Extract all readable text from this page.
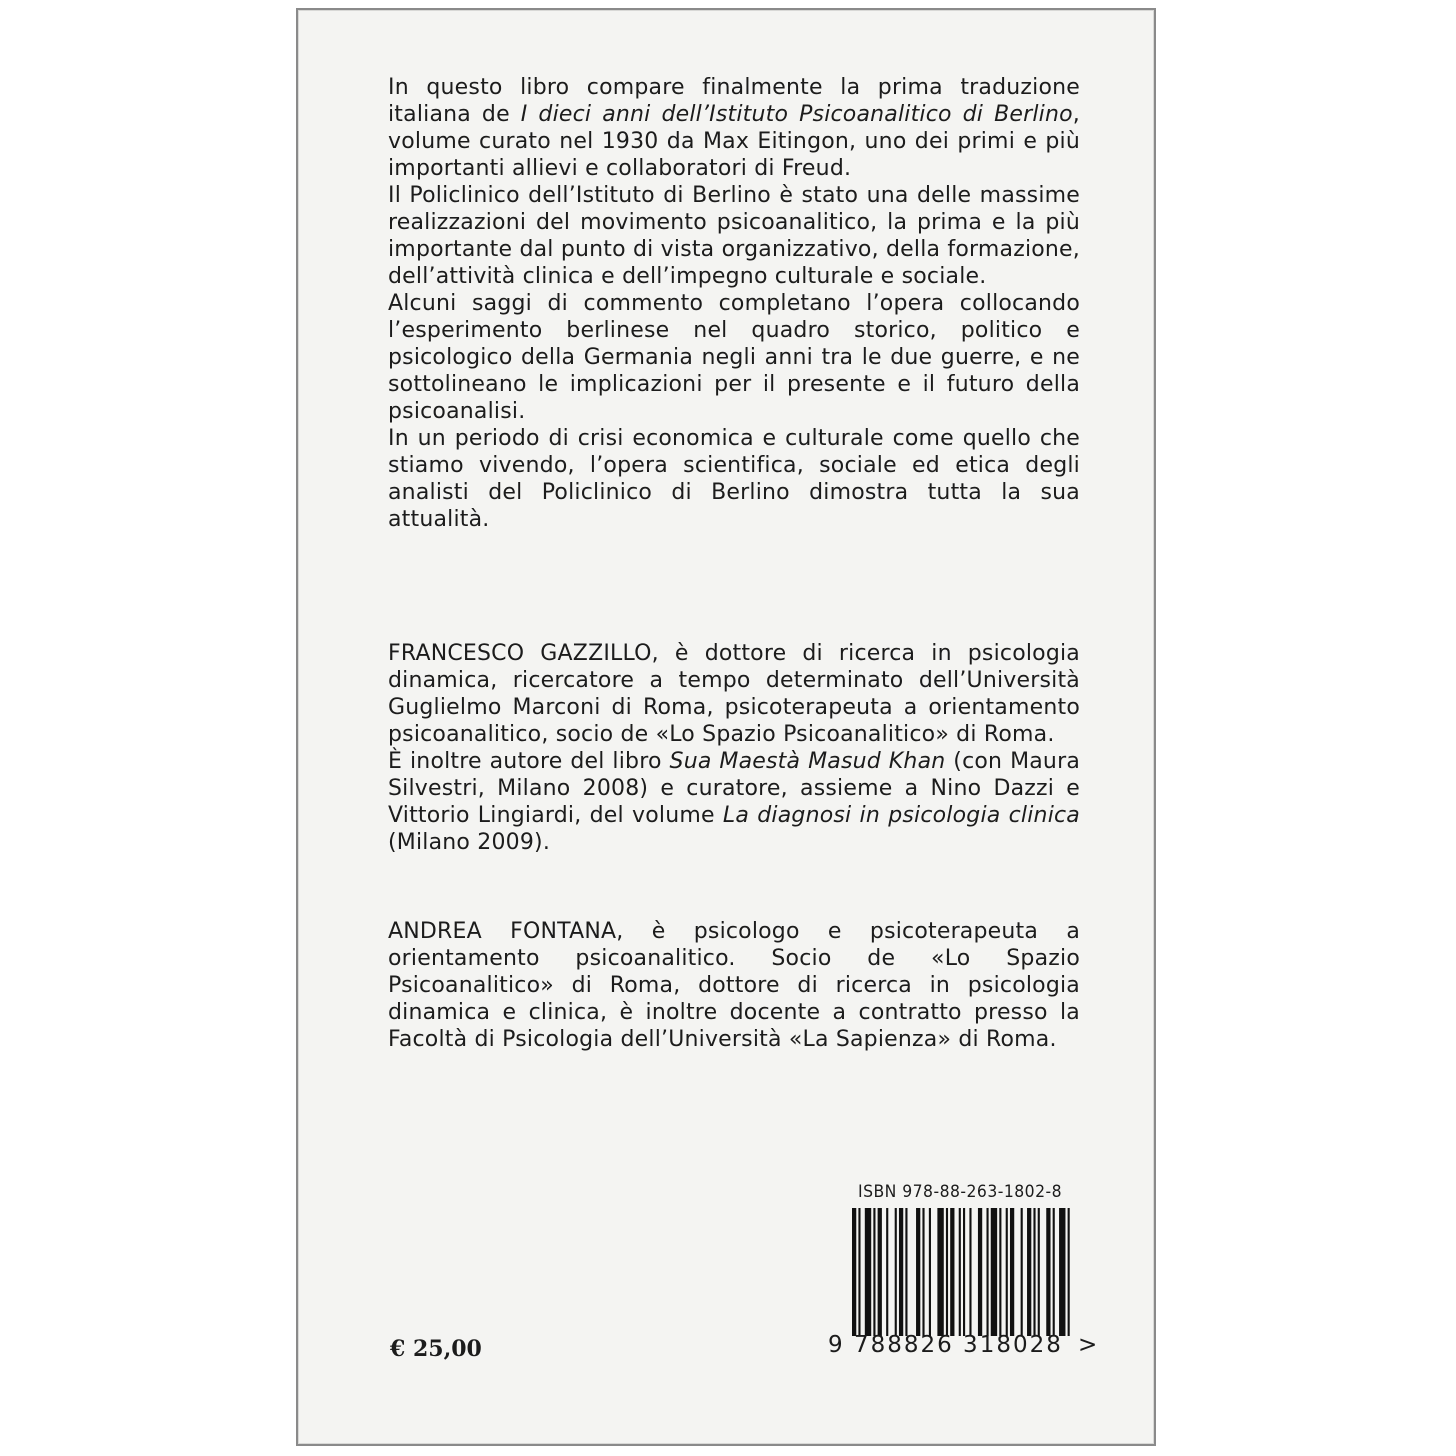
In questo libro compare finalmente la prima traduzione italiana de I dieci anni dell’Istituto Psicoanalitico di Berlino, volume curato nel 1930 da Max Eitingon, uno dei primi e più importanti allievi e collaboratori di Freud.

Il Policlinico dell’Istituto di Berlino è stato una delle massime realizzazioni del movimento psicoanalitico, la prima e la più importante dal punto di vista organizzativo, della formazione, dell’attività clinica e dell’impegno culturale e sociale.

Alcuni saggi di commento completano l’opera collocando l’esperimento berlinese nel quadro storico, politico e psicologico della Germania negli anni tra le due guerre, e ne sottolineano le implicazioni per il presente e il futuro della psicoanalisi.

In un periodo di crisi economica e culturale come quello che stiamo vivendo, l’opera scientifica, sociale ed etica degli analisti del Policlinico di Berlino dimostra tutta la sua attualità.

FRANCESCO GAZZILLO, è dottore di ricerca in psicologia dinamica, ricercatore a tempo determinato dell’Università Guglielmo Marconi di Roma, psicoterapeuta a orientamento psicoanalitico, socio de «Lo Spazio Psicoanalitico» di Roma.

È inoltre autore del libro Sua Maestà Masud Khan (con Maura Silvestri, Milano 2008) e curatore, assieme a Nino Dazzi e Vittorio Lingiardi, del volume La diagnosi in psicologia clinica (Milano 2009).

ANDREA FONTANA, è psicologo e psicoterapeuta a orientamento psicoanalitico. Socio de «Lo Spazio Psicoanalitico» di Roma, dottore di ricerca in psicologia dinamica e clinica, è inoltre docente a contratto presso la Facoltà di Psicologia dell’Università «La Sapienza» di Roma.

ISBN 978-88-263-1802-8
9 788826 318028 >
€ 25,00
